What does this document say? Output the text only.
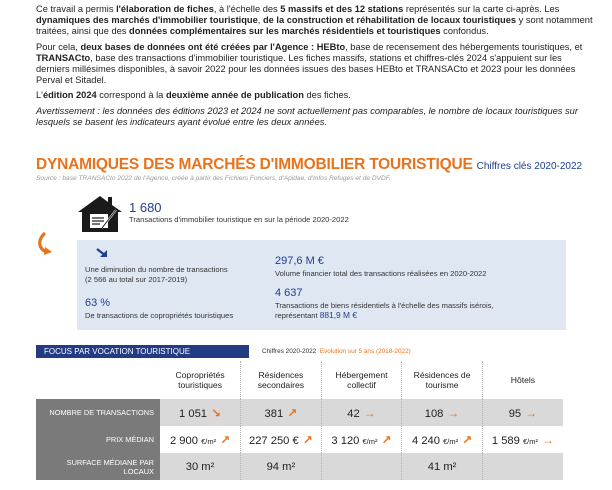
Ce travail a permis l'élaboration de fiches, à l'échelle des 5 massifs et des 12 stations représentés sur la carte ci-après. Les dynamiques des marchés d'immobilier touristique, de la construction et réhabilitation de locaux touristiques y sont notamment traitées, ainsi que des données complémentaires sur les marchés résidentiels et touristiques confondus.

Pour cela, deux bases de données ont été créées par l'Agence : HEBto, base de recensement des hébergements touristiques, et TRANSACto, base des transactions d'immobilier touristique. Les fiches massifs, stations et chiffres-clés 2024 s'appuient sur les derniers millésimes disponibles, à savoir 2022 pour les données issues des bases HEBto et TRANSACto et 2023 pour les données Perval et Sitadel.

L'édition 2024 correspond à la deuxième année de publication des fiches.

Avertissement : les données des éditions 2023 et 2024 ne sont actuellement pas comparables, le nombre de locaux touristiques sur lesquels se basent les indicateurs ayant évolué entre les deux années.

DYNAMIQUES DES MARCHÉS D'IMMOBILIER TOURISTIQUE Chiffres clés 2020-2022
Source : base TRANSACto 2022 de l'Agence, créée à partir des Fichiers Fonciers, d'Apidae, d'Infos Refuges et de DVDF.
1 680
Transactions d'immobilier touristique en sur la période 2020-2022
Une diminution du nombre de transactions
(2 566 au total sur 2017-2019)
63 %
De transactions de copropriétés touristiques
297,6 M €
Volume financier total des transactions réalisées en 2020-2022
4 637
Transactions de biens résidentiels à l'échelle des massifs isérois,
représentant 881,9 M €
FOCUS PAR VOCATION TOURISTIQUE	Chiffres 2020-2022 Evolution sur 5 ans (2018-2022)
	Copropriétés touristiques	Résidences secondaires	Hébergement collectif	Résidences de tourisme	Hôtels
NOMBRE DE TRANSACTIONS	1 051 ↘	381 ↗	42 →	108 →	95 →
PRIX MÉDIAN	2 900 €/m² ↗	227 250 € ↗	3 120 €/m² ↗	4 240 €/m² ↗	1 589 €/m² →
SURFACE MÉDIANE PAR LOCAUX	30 m²	94 m²		41 m²	
